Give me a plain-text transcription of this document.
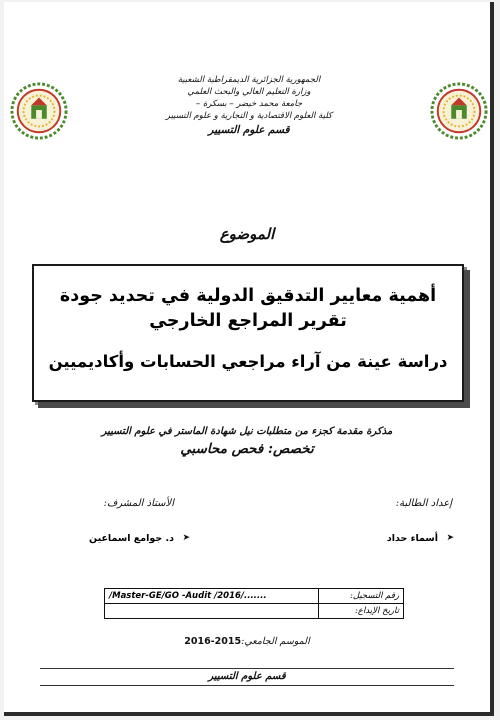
الجمهورية الجزائرية الديمقراطية الشعبية
وزارة التعليم العالي والبحث العلمي
جامعة محمد خيضر – بسكرة –
كلية العلوم الاقتصادية و التجارية و علوم التسيير
قسم علوم التسيير
الموضوع
أهمية معايير التدقيق الدولية في تحديد جودة تقرير المراجع الخارجي
دراسة عينة من آراء مراجعي الحسابات وأكاديميين
مذكرة مقدمة كجزء من متطلبات نيل شهادة الماستر في علوم التسيير
تخصص: فحص محاسبي
إعداد الطالبة:
الأستاذ المشرف:
➤
أسماء حداد
➤
د. جوامع اسماعين
رقم التسجيل:	/Master-GE/GO -Audit /2016/.......
تاريخ الإيداع:	
الموسم الجامعي:2015-2016
قسم علوم التسيير
